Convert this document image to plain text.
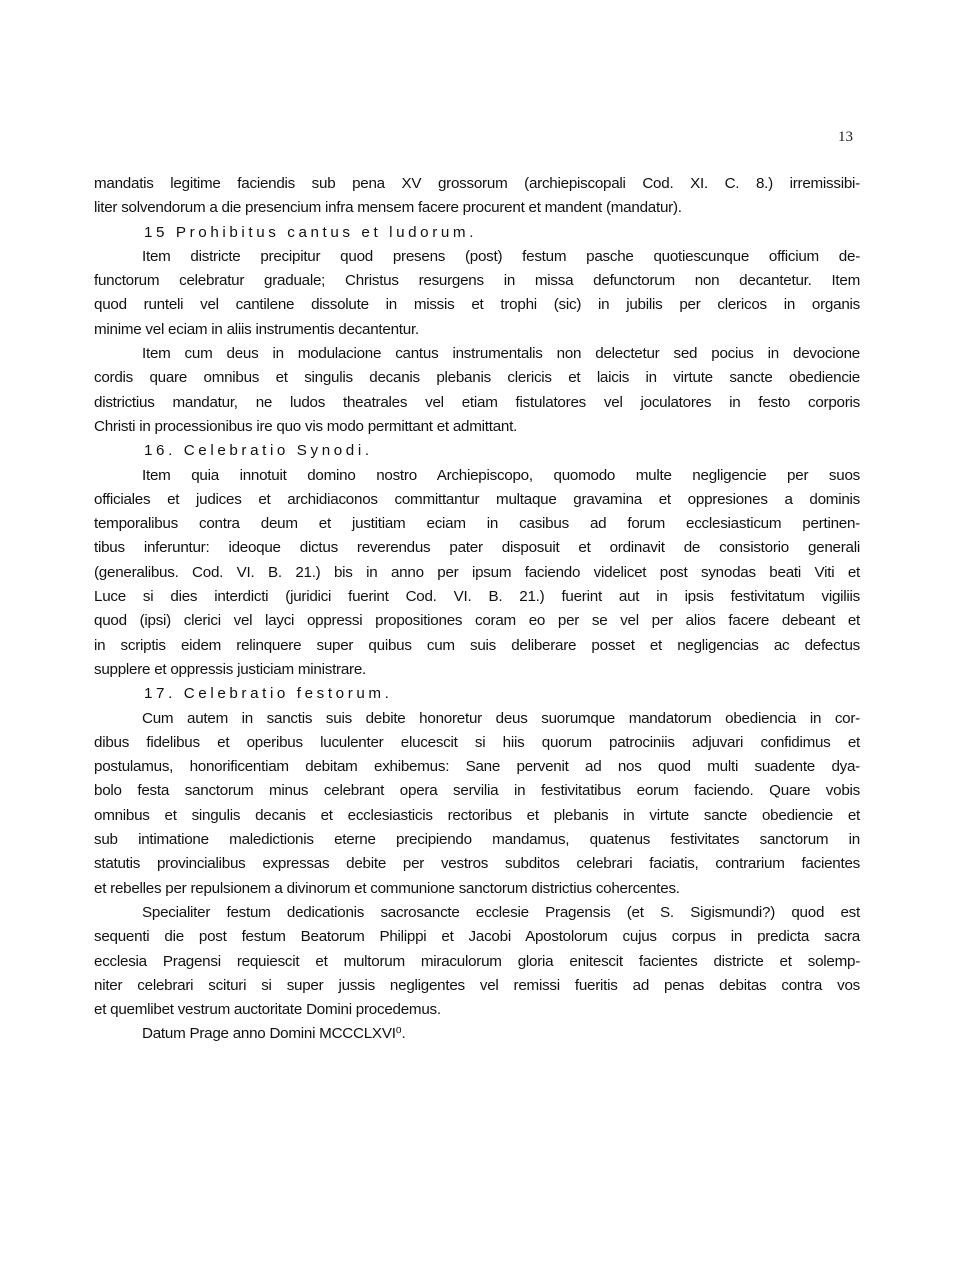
13
mandatis legitime faciendis sub pena XV grossorum (archiepiscopali Cod. XI. C. 8.) irremissibi-
liter solvendorum a die presencium infra mensem facere procurent et mandent (mandatur).
15 Prohibitus cantus et ludorum.
Item districte precipitur quod presens (post) festum pasche quotiescunque officium de-
functorum celebratur graduale; Christus resurgens in missa defunctorum non decantetur. Item
quod runteli vel cantilene dissolute in missis et trophi (sic) in jubilis per clericos in organis
minime vel eciam in aliis instrumentis decantentur.
Item cum deus in modulacione cantus instrumentalis non delectetur sed pocius in devocione
cordis quare omnibus et singulis decanis plebanis clericis et laicis in virtute sancte obediencie
districtius mandatur, ne ludos theatrales vel etiam fistulatores vel joculatores in festo corporis
Christi in processionibus ire quo vis modo permittant et admittant.
16. Celebratio Synodi.
Item quia innotuit domino nostro Archiepiscopo, quomodo multe negligencie per suos
officiales et judices et archidiaconos committantur multaque gravamina et oppresiones a dominis
temporalibus contra deum et justitiam eciam in casibus ad forum ecclesiasticum pertinen-
tibus inferuntur: ideoque dictus reverendus pater disposuit et ordinavit de consistorio generali
(generalibus. Cod. VI. B. 21.) bis in anno per ipsum faciendo videlicet post synodas beati Viti et
Luce si dies interdicti (juridici fuerint Cod. VI. B. 21.) fuerint aut in ipsis festivitatum vigiliis
quod (ipsi) clerici vel layci oppressi propositiones coram eo per se vel per alios facere debeant et
in scriptis eidem relinquere super quibus cum suis deliberare posset et negligencias ac defectus
supplere et oppressis justiciam ministrare.
17. Celebratio festorum.
Cum autem in sanctis suis debite honoretur deus suorumque mandatorum obediencia in cor-
dibus fidelibus et operibus luculenter elucescit si hiis quorum patrociniis adjuvari confidimus et
postulamus, honorificentiam debitam exhibemus: Sane pervenit ad nos quod multi suadente dya-
bolo festa sanctorum minus celebrant opera servilia in festivitatibus eorum faciendo. Quare vobis
omnibus et singulis decanis et ecclesiasticis rectoribus et plebanis in virtute sancte obediencie et
sub intimatione maledictionis eterne precipiendo mandamus, quatenus festivitates sanctorum in
statutis provincialibus expressas debite per vestros subditos celebrari faciatis, contrarium facientes
et rebelles per repulsionem a divinorum et communione sanctorum districtius cohercentes.
Specialiter festum dedicationis sacrosancte ecclesie Pragensis (et S. Sigismundi?) quod est
sequenti die post festum Beatorum Philippi et Jacobi Apostolorum cujus corpus in predicta sacra
ecclesia Pragensi requiescit et multorum miraculorum gloria enitescit facientes districte et solemp-
niter celebrari sciturі si super jussis negligentes vel remissi fueritis ad penas debitas contra vos
et quemlibet vestrum auctoritate Domini procedemus.
Datum Prage anno Domini MCCCLXVI⁰.
